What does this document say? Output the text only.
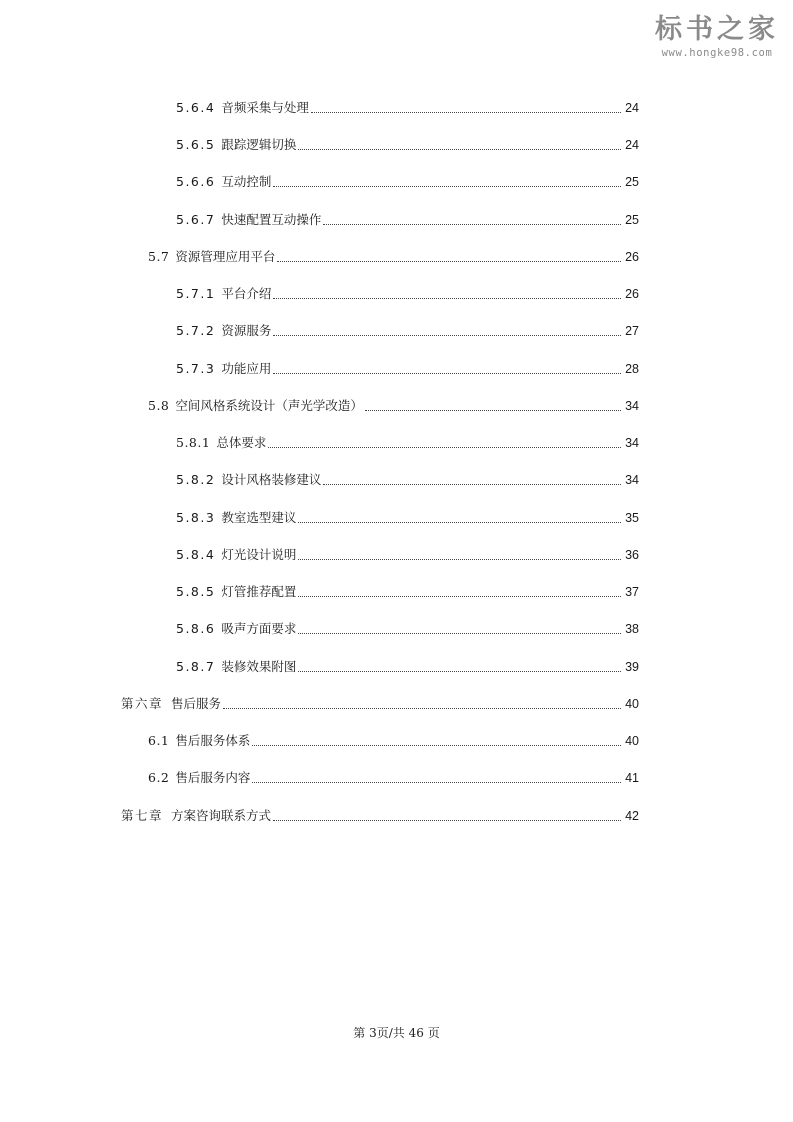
标书之家
www.hongke98.com
5.6.4 音频采集与处理	24
5.6.5 跟踪逻辑切换	24
5.6.6 互动控制	25
5.6.7 快速配置互动操作	25
5.7 资源管理应用平台	26
5.7.1 平台介绍	26
5.7.2 资源服务	27
5.7.3 功能应用	28
5.8 空间风格系统设计（声光学改造）	34
5.8.1 总体要求	34
5.8.2 设计风格装修建议	34
5.8.3 教室选型建议	35
5.8.4 灯光设计说明	36
5.8.5 灯管推荐配置	37
5.8.6 吸声方面要求	38
5.8.7 装修效果附图	39
第六章 售后服务	40
6.1 售后服务体系	40
6.2 售后服务内容	41
第七章 方案咨询联系方式	42
第 3页/共 46 页
